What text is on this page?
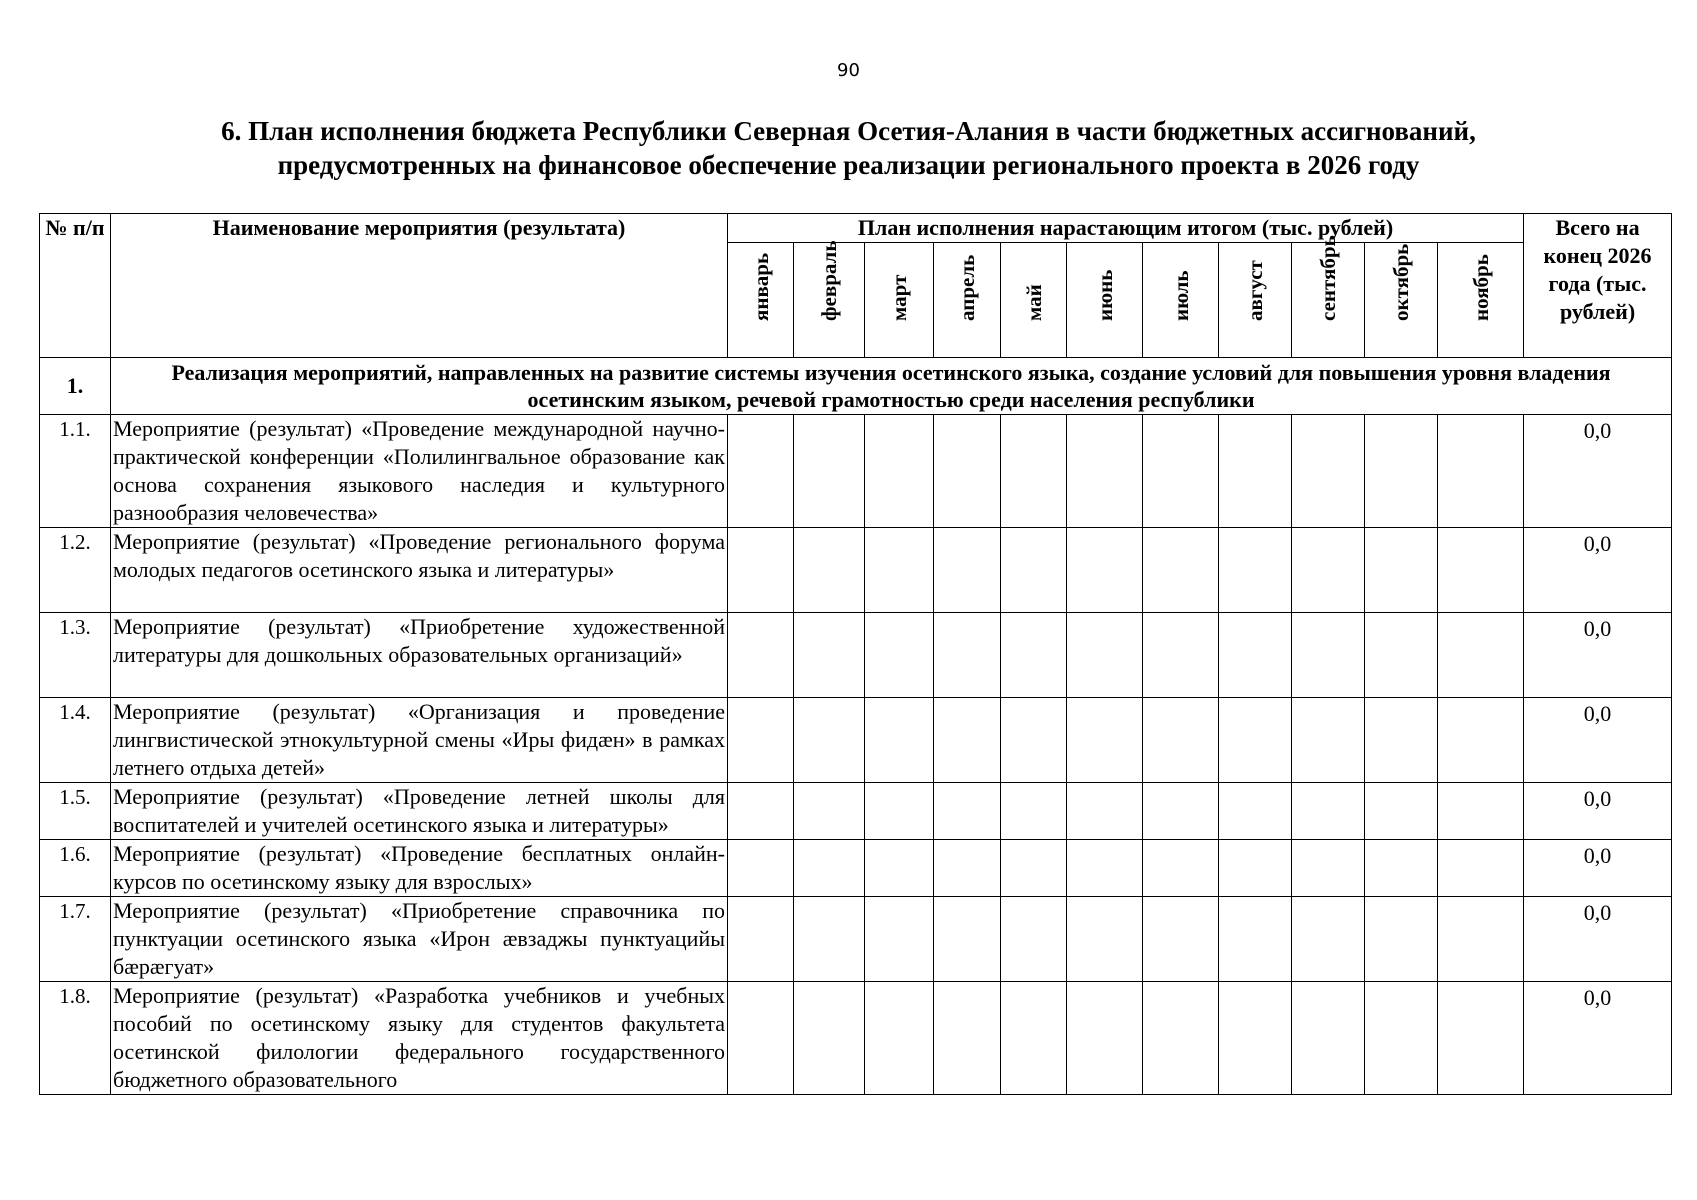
90
6. План исполнения бюджета Республики Северная Осетия-Алания в части бюджетных ассигнований,
предусмотренных на финансовое обеспечение реализации регионального проекта в 2026 году
№ п/п	Наименование мероприятия (результата)	План исполнения нарастающим итогом (тыс. рублей)											Всего на конец 2026 года (тыс. рублей)

		январь	февраль	март	апрель	май	июнь	июль	август	сентябрь	октябрь	ноябрь	

1.	Реализация мероприятий, направленных на развитие системы изучения осетинского языка, создание условий для повышения уровня владения осетинским языком, речевой грамотностью среди населения республики												
1.1.	Мероприятие (результат) «Проведение международной научно-практической конференции «Полилингвальное образование как основа сохранения языкового наследия и культурного разнообразия человечества»												0,0
1.2.	Мероприятие (результат) «Проведение регионального форума молодых педагогов осетинского языка и литературы»												0,0
1.3.	Мероприятие (результат) «Приобретение художественной литературы для дошкольных образовательных организаций»												0,0
1.4.	Мероприятие (результат) «Организация и проведение лингвистической этнокультурной смены «Иры фидæн» в рамках летнего отдыха детей»												0,0
1.5.	Мероприятие (результат) «Проведение летней школы для воспитателей и учителей осетинского языка и литературы»												0,0
1.6.	Мероприятие (результат) «Проведение бесплатных онлайн- курсов по осетинскому языку для взрослых»												0,0
1.7.	Мероприятие (результат) «Приобретение справочника по пунктуации осетинского языка «Ирон æвзаджы пунктуацийы бæрæгуат»												0,0
1.8.	Мероприятие (результат) «Разработка учебников и учебных пособий по осетинскому языку для студентов факультета осетинской филологии федерального государственного бюджетного образовательного												0,0
